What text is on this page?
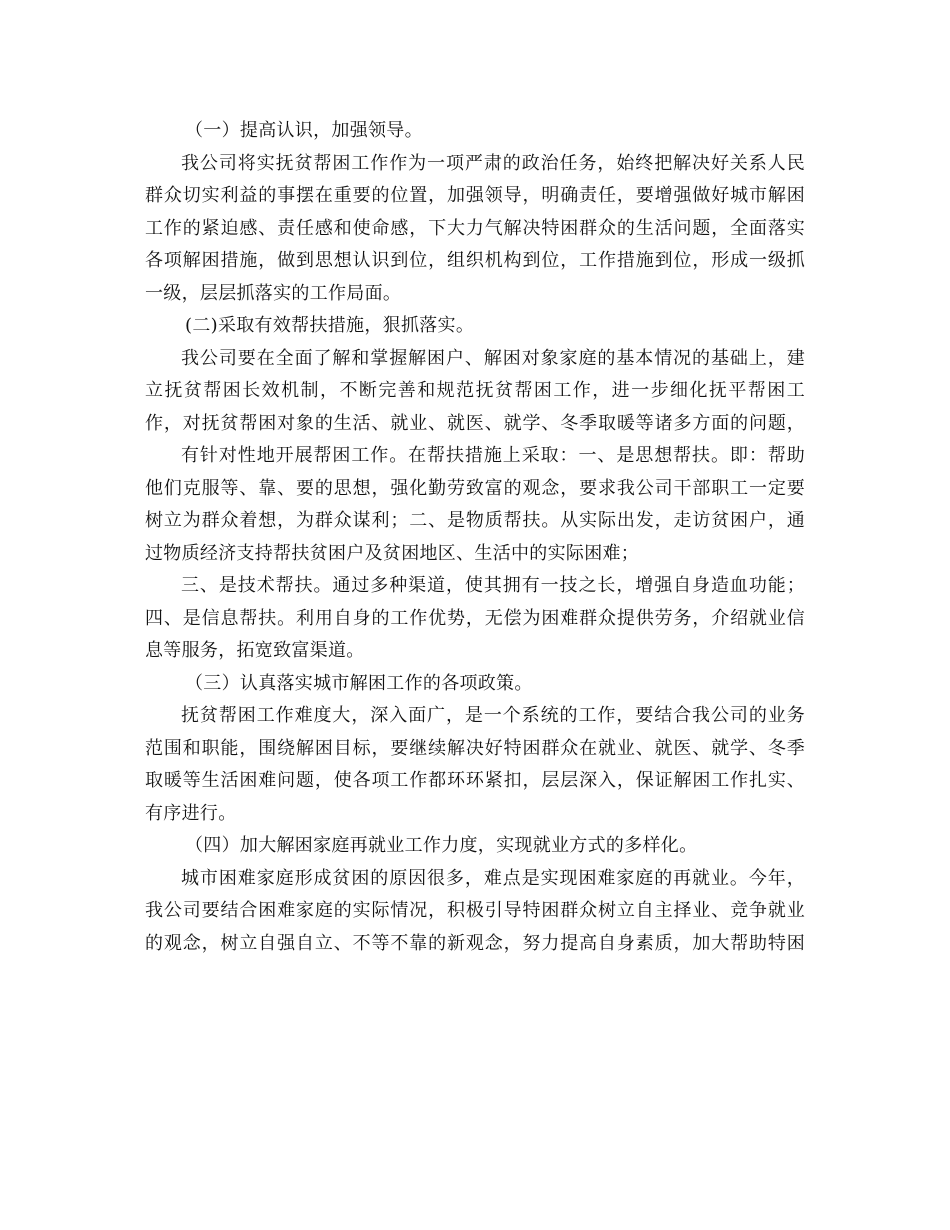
（一）提高认识，加强领导。
我公司将实抚贫帮困工作作为一项严肃的政治任务，始终把解决好关系人民
群众切实利益的事摆在重要的位置，加强领导，明确责任，要增强做好城市解困
工作的紧迫感、责任感和使命感，下大力气解决特困群众的生活问题，全面落实
各项解困措施，做到思想认识到位，组织机构到位，工作措施到位，形成一级抓
一级，层层抓落实的工作局面。
(二)采取有效帮扶措施，狠抓落实。
我公司要在全面了解和掌握解困户、解困对象家庭的基本情况的基础上，建
立抚贫帮困长效机制，不断完善和规范抚贫帮困工作，进一步细化抚平帮困工
作，对抚贫帮困对象的生活、就业、就医、就学、冬季取暖等诸多方面的问题，
有针对性地开展帮困工作。在帮扶措施上采取：一、是思想帮扶。即：帮助
他们克服等、靠、要的思想，强化勤劳致富的观念，要求我公司干部职工一定要
树立为群众着想，为群众谋利；二、是物质帮扶。从实际出发，走访贫困户，通
过物质经济支持帮扶贫困户及贫困地区、生活中的实际困难；
三、是技术帮扶。通过多种渠道，使其拥有一技之长，增强自身造血功能；
四、是信息帮扶。利用自身的工作优势，无偿为困难群众提供劳务，介绍就业信
息等服务，拓宽致富渠道。
（三）认真落实城市解困工作的各项政策。
抚贫帮困工作难度大，深入面广，是一个系统的工作，要结合我公司的业务
范围和职能，围绕解困目标，要继续解决好特困群众在就业、就医、就学、冬季
取暖等生活困难问题，使各项工作都环环紧扣，层层深入，保证解困工作扎实、
有序进行。
（四）加大解困家庭再就业工作力度，实现就业方式的多样化。
城市困难家庭形成贫困的原因很多，难点是实现困难家庭的再就业。今年，
我公司要结合困难家庭的实际情况，积极引导特困群众树立自主择业、竞争就业
的观念，树立自强自立、不等不靠的新观念，努力提高自身素质，加大帮助特困
